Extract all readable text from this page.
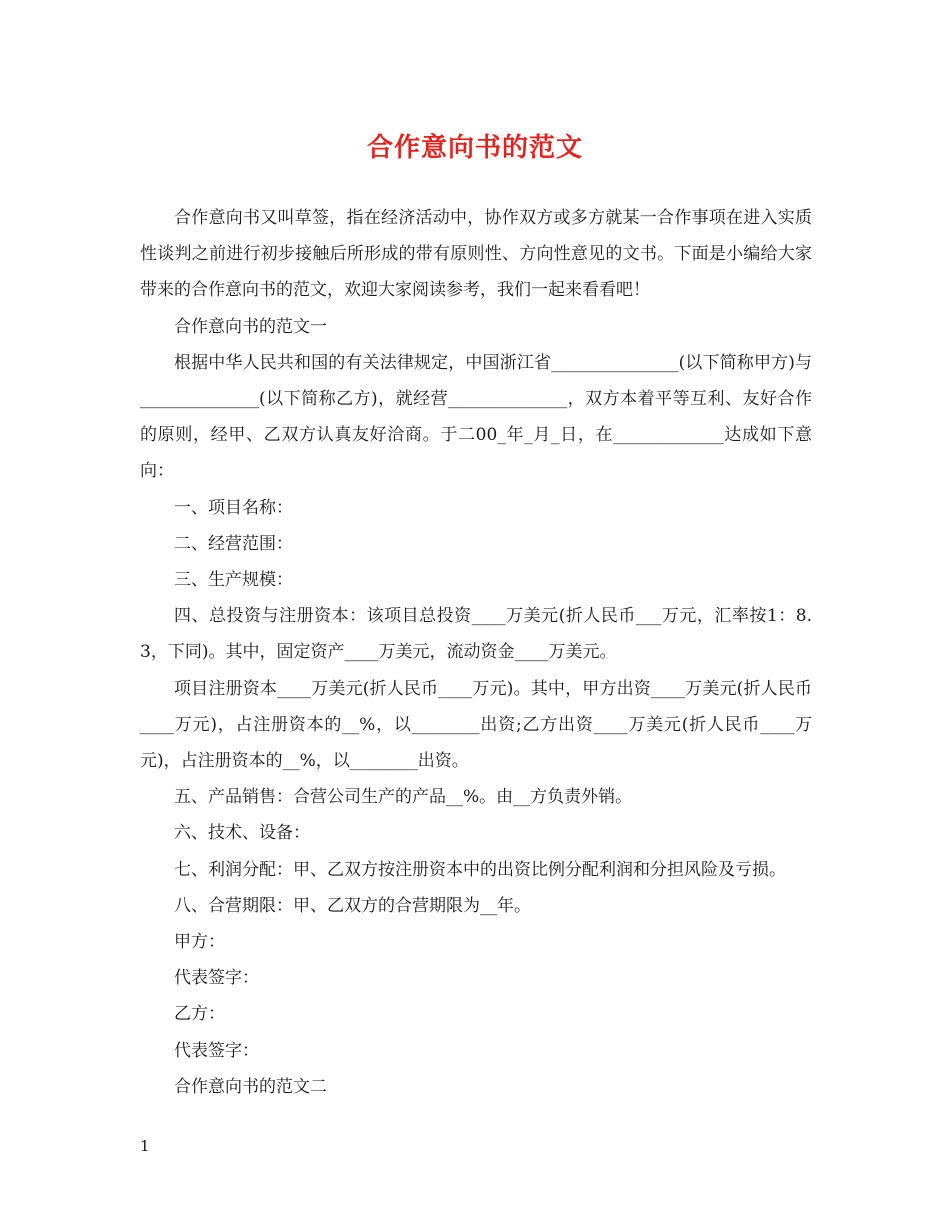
合作意向书的范文

合作意向书又叫草签，指在经济活动中，协作双方或多方就某一合作事项在进入实质性谈判之前进行初步接触后所形成的带有原则性、方向性意见的文书。下面是小编给大家带来的合作意向书的范文，欢迎大家阅读参考，我们一起来看看吧！

合作意向书的范文一

根据中华人民共和国的有关法律规定，中国浙江省_______________(以下简称甲方)与______________(以下简称乙方)，就经营______________，双方本着平等互利、友好合作的原则，经甲、乙双方认真友好洽商。于二00_年_月_日，在_____________达成如下意向：

一、项目名称：

二、经营范围：

三、生产规模：

四、总投资与注册资本：该项目总投资____万美元(折人民币___万元，汇率按1：8.3，下同)。其中，固定资产____万美元，流动资金____万美元。

项目注册资本____万美元(折人民币____万元)。其中，甲方出资____万美元(折人民币____万元)，占注册资本的__%，以________出资;乙方出资____万美元(折人民币____万元)，占注册资本的__%，以________出资。

五、产品销售：合营公司生产的产品__%。由__方负责外销。

六、技术、设备：

七、利润分配：甲、乙双方按注册资本中的出资比例分配利润和分担风险及亏损。

八、合营期限：甲、乙双方的合营期限为__年。

甲方：

代表签字：

乙方：

代表签字：

合作意向书的范文二

1
